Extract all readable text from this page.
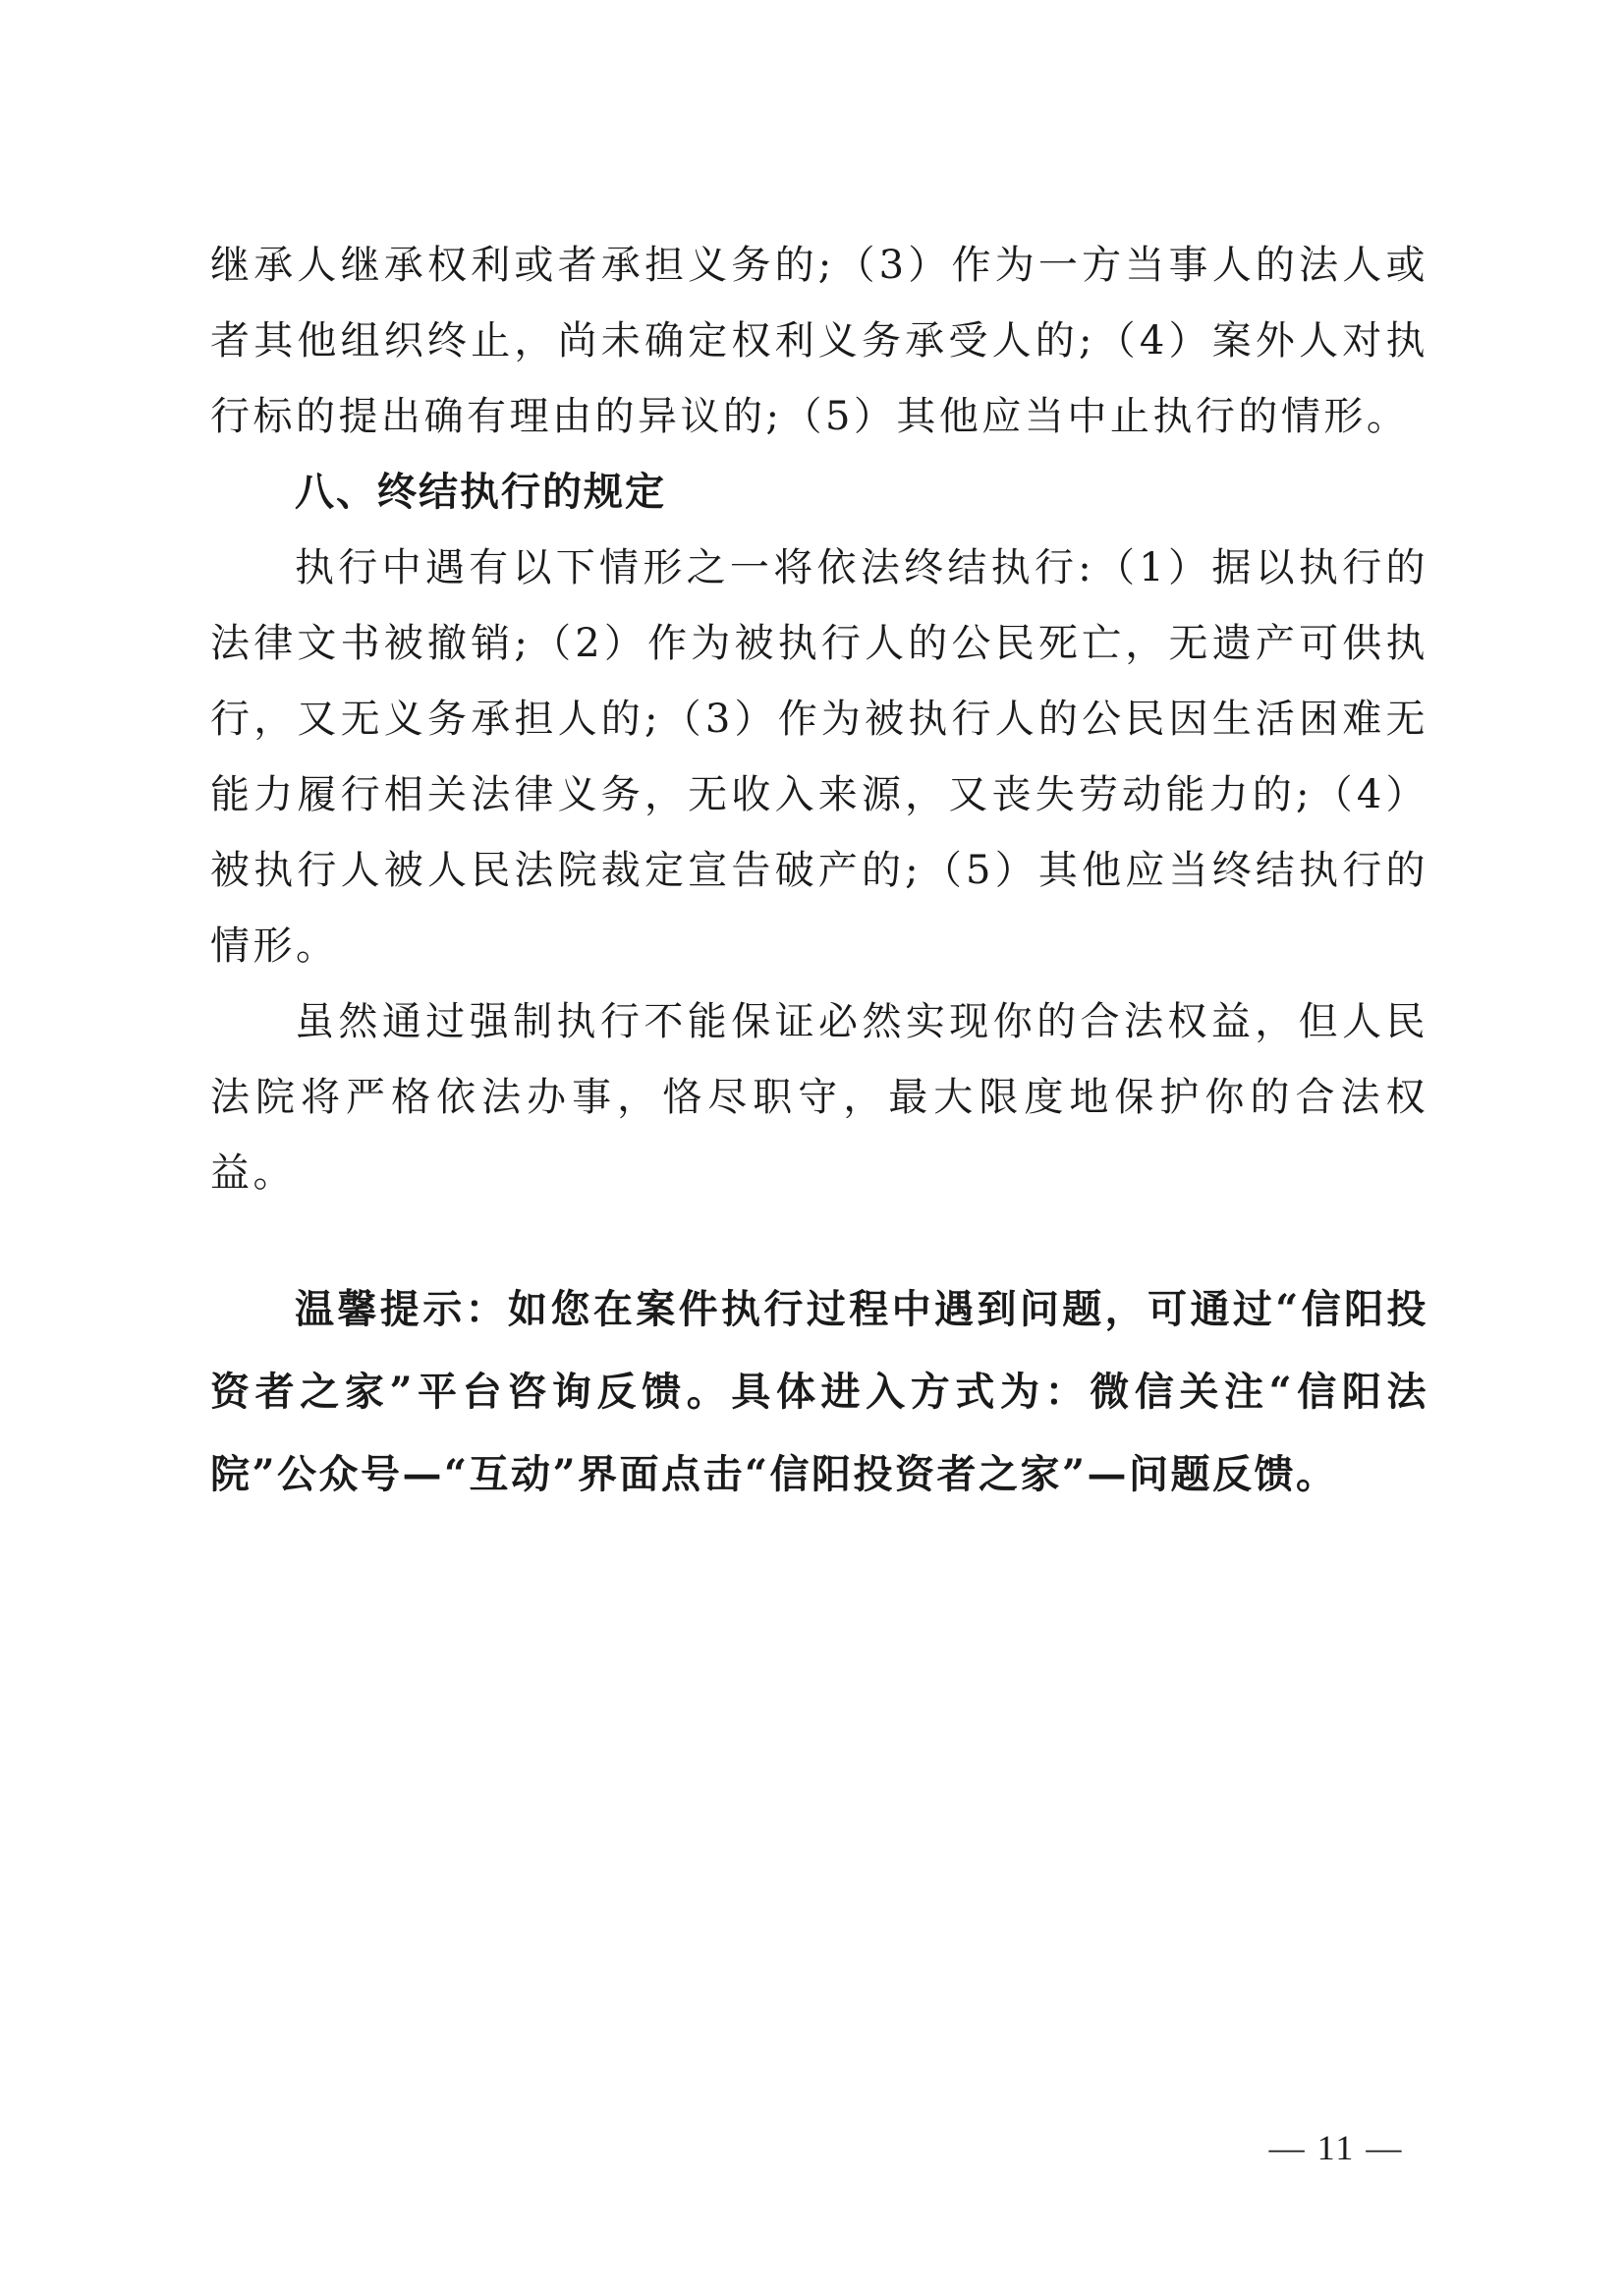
继承人继承权利或者承担义务的;（3）作为一方当事人的法人或者其他组织终止，尚未确定权利义务承受人的;（4）案外人对执行标的提出确有理由的异议的;（5）其他应当中止执行的情形。

八、终结执行的规定

执行中遇有以下情形之一将依法终结执行:（1）据以执行的法律文书被撤销;（2）作为被执行人的公民死亡，无遗产可供执行，又无义务承担人的;（3）作为被执行人的公民因生活困难无能力履行相关法律义务，无收入来源，又丧失劳动能力的;（4）被执行人被人民法院裁定宣告破产的;（5）其他应当终结执行的情形。

虽然通过强制执行不能保证必然实现你的合法权益，但人民法院将严格依法办事，恪尽职守，最大限度地保护你的合法权益。

温馨提示：如您在案件执行过程中遇到问题，可通过“信阳投资者之家”平台咨询反馈。具体进入方式为：微信关注“信阳法院”公众号—“互动”界面点击“信阳投资者之家”—问题反馈。

— 11 —
